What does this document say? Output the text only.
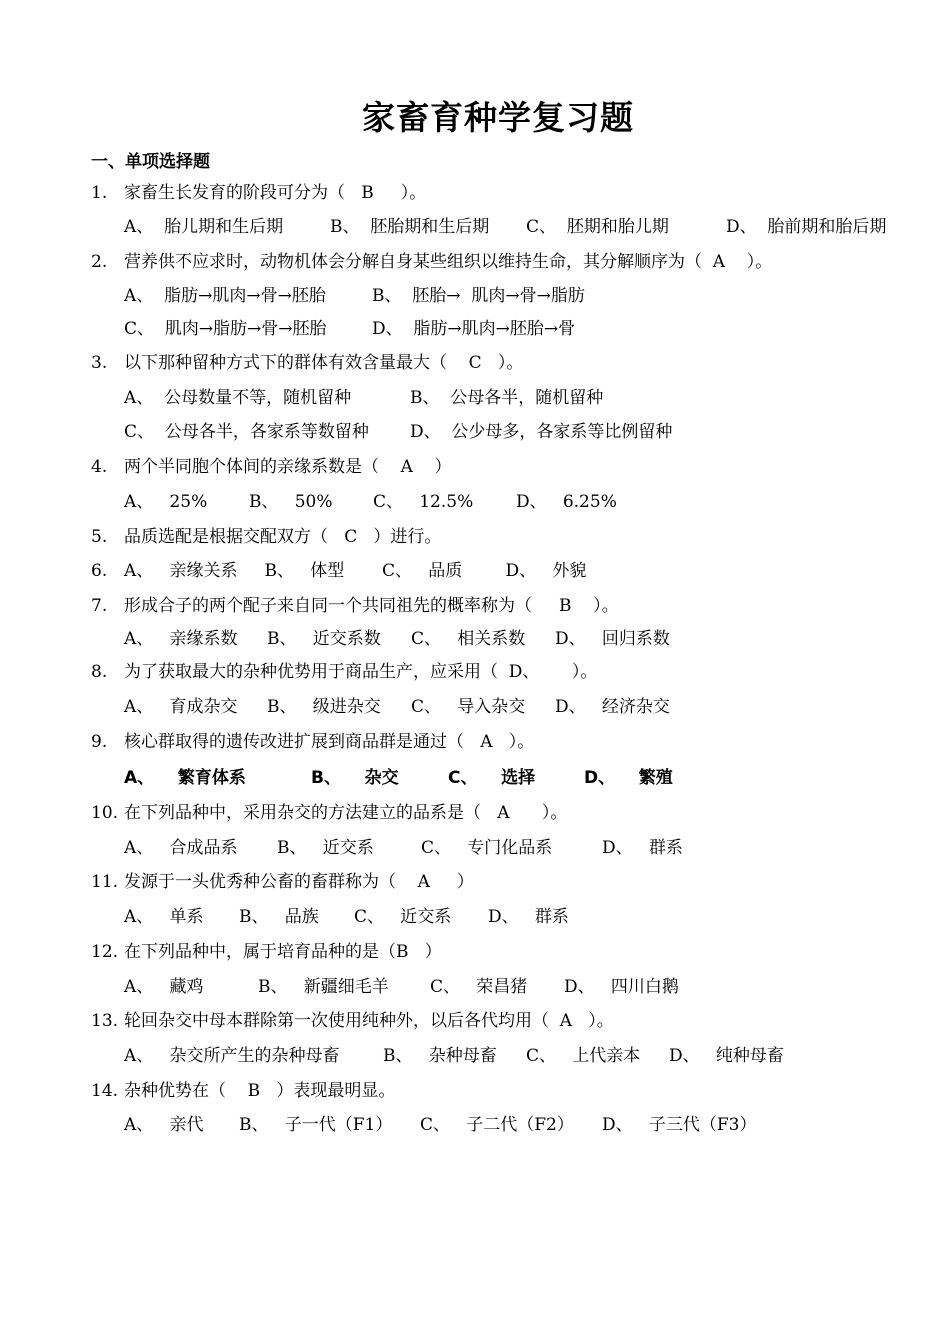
家畜育种学复习题
一、单项选择题
1. 家畜生长发育的阶段可分为（   B     ）。
A、  胎儿期和生后期	B、  胚胎期和生后期 C、  胚期和胎儿期	D、  胎前期和胎后期
2. 营养供不应求时，动物机体会分解自身某些组织以维持生命，其分解顺序为（  A    ）。
A、  脂肪→肌肉→骨→胚胎	B、  胚胎→  肌肉→骨→脂肪
C、  肌肉→脂肪→骨→胚胎	D、  脂肪→肌肉→胚胎→骨
3. 以下那种留种方式下的群体有效含量最大（    C   ）。
A、  公母数量不等，随机留种	B、  公母各半，随机留种
C、  公母各半，各家系等数留种 D、  公少母多，各家系等比例留种
4. 两个半同胞个体间的亲缘系数是（    A    ）
A、   25% B、   50% C、   12.5%	D、   6.25%
5. 品质选配是根据交配双方（   C   ）进行。
6. A、   亲缘关系     B、   体型       C、   品质        D、   外貌
7. 形成合子的两个配子来自同一个共同祖先的概率称为（     B    ）。
A、   亲缘系数 B、   近交系数 C、   相关系数 D、   回归系数
8. 为了获取最大的杂种优势用于商品生产，应采用（  D、      ）。
A、   育成杂交 B、   级进杂交 C、   导入杂交 D、   经济杂交
9. 核心群取得的遗传改进扩展到商品群是通过（   A   ）。
A、    繁育体系	B、    杂交	C、    选择	D、    繁殖
10. 在下列品种中，采用杂交的方法建立的品系是（   A      ）。
A、   合成品系 B、   近交系	C、   专门化品系	D、   群系
11. 发源于一头优秀种公畜的畜群称为（    A     ）
A、   单系 B、   品族 C、   近交系 D、   群系
12. 在下列品种中，属于培育品种的是（B   ）
A、   藏鸡	B、   新疆细毛羊 C、   荣昌猪 D、   四川白鹅
13. 轮回杂交中母本群除第一次使用纯种外，以后各代均用（  A   ）。
A、   杂交所产生的杂种母畜	B、   杂种母畜 C、   上代亲本 D、   纯种母畜
14. 杂种优势在（    B   ）表现最明显。
A、   亲代 B、   子一代（F1） C、   子二代（F2） D、   子三代（F3）
